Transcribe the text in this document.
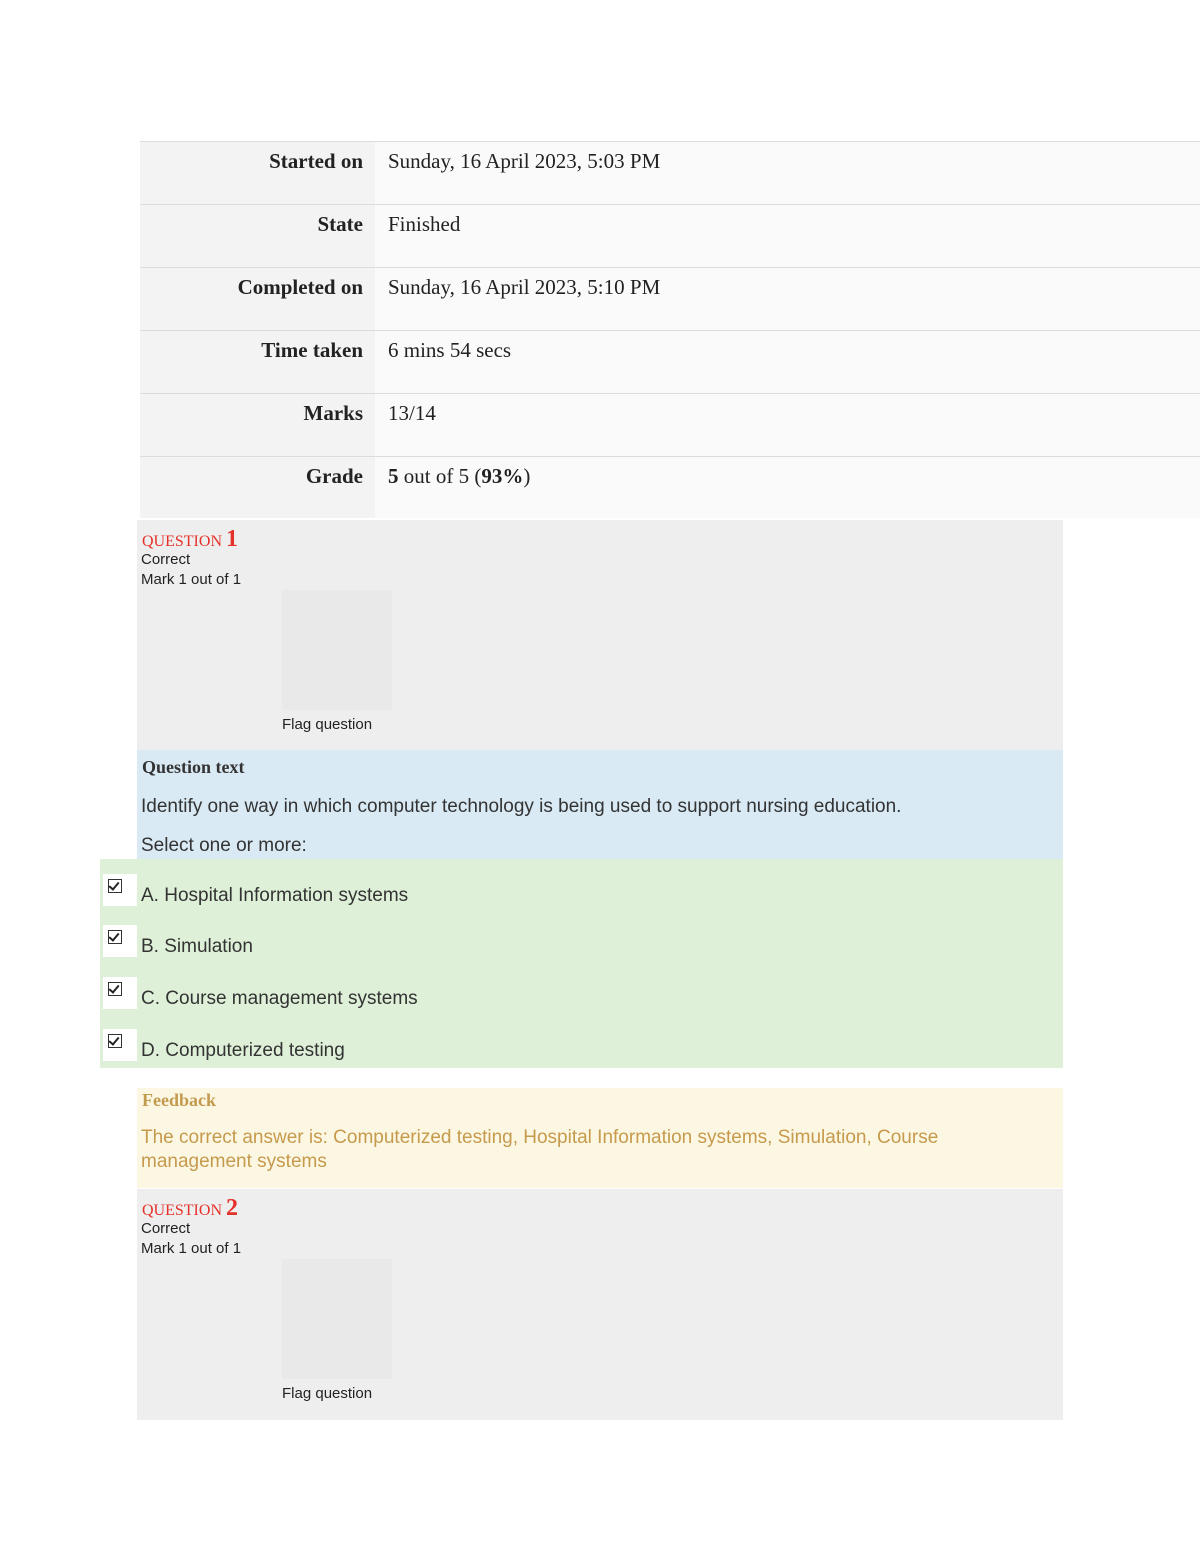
Started on	Sunday, 16 April 2023, 5:03 PM
State	Finished
Completed on	Sunday, 16 April 2023, 5:10 PM
Time taken	6 mins 54 secs
Marks	13/14
Grade	5 out of 5 (93%)
QUESTION 1
Correct
Mark 1 out of 1
Flag question
Question text
Identify one way in which computer technology is being used to support nursing education.
Select one or more:
A. Hospital Information systems
B. Simulation
C. Course management systems
D. Computerized testing
Feedback
The correct answer is: Computerized testing, Hospital Information systems, Simulation, Course management systems
QUESTION 2
Correct
Mark 1 out of 1
Flag question
